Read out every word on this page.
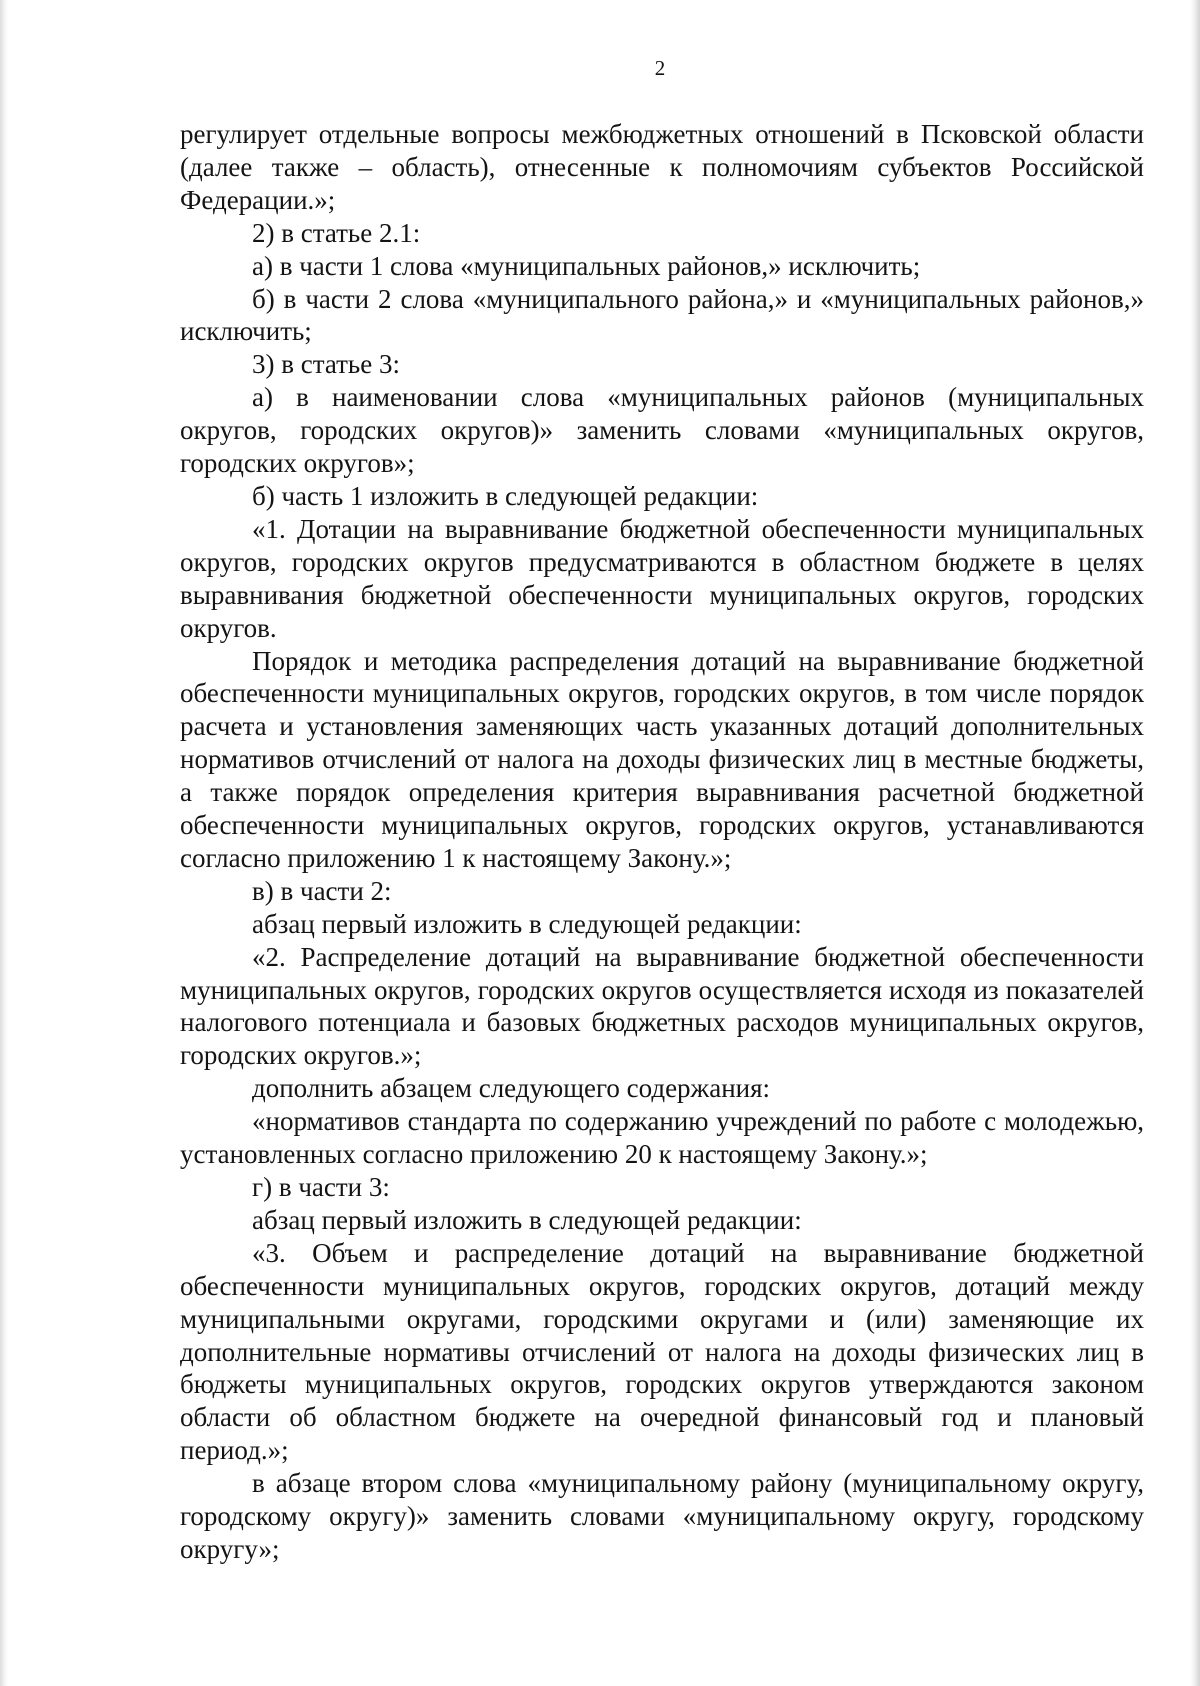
2

регулирует отдельные вопросы межбюджетных отношений в Псковской области (далее также – область), отнесенные к полномочиям субъектов Российской Федерации.»;

2) в статье 2.1:

а) в части 1 слова «муниципальных районов,» исключить;

б) в части 2 слова «муниципального района,» и «муниципальных районов,» исключить;

3) в статье 3:

а) в наименовании слова «муниципальных районов (муниципальных округов, городских округов)» заменить словами «муниципальных округов, городских округов»;

б) часть 1 изложить в следующей редакции:

«1. Дотации на выравнивание бюджетной обеспеченности муниципальных округов, городских округов предусматриваются в областном бюджете в целях выравнивания бюджетной обеспеченности муниципальных округов, городских округов.

Порядок и методика распределения дотаций на выравнивание бюджетной обеспеченности муниципальных округов, городских округов, в том числе порядок расчета и установления заменяющих часть указанных дотаций дополнительных нормативов отчислений от налога на доходы физических лиц в местные бюджеты, а также порядок определения критерия выравнивания расчетной бюджетной обеспеченности муниципальных округов, городских округов, устанавливаются согласно приложению 1 к настоящему Закону.»;

в) в части 2:

абзац первый изложить в следующей редакции:

«2. Распределение дотаций на выравнивание бюджетной обеспеченности муниципальных округов, городских округов осуществляется исходя из показателей налогового потенциала и базовых бюджетных расходов муниципальных округов, городских округов.»;

дополнить абзацем следующего содержания:

«нормативов стандарта по содержанию учреждений по работе с молодежью, установленных согласно приложению 20 к настоящему Закону.»;

г) в части 3:

абзац первый изложить в следующей редакции:

«3. Объем и распределение дотаций на выравнивание бюджетной обеспеченности муниципальных округов, городских округов, дотаций между муниципальными округами, городскими округами и (или) заменяющие их дополнительные нормативы отчислений от налога на доходы физических лиц в бюджеты муниципальных округов, городских округов утверждаются законом области об областном бюджете на очередной финансовый год и плановый период.»;

в абзаце втором слова «муниципальному району (муниципальному округу, городскому округу)» заменить словами «муниципальному округу, городскому округу»;
